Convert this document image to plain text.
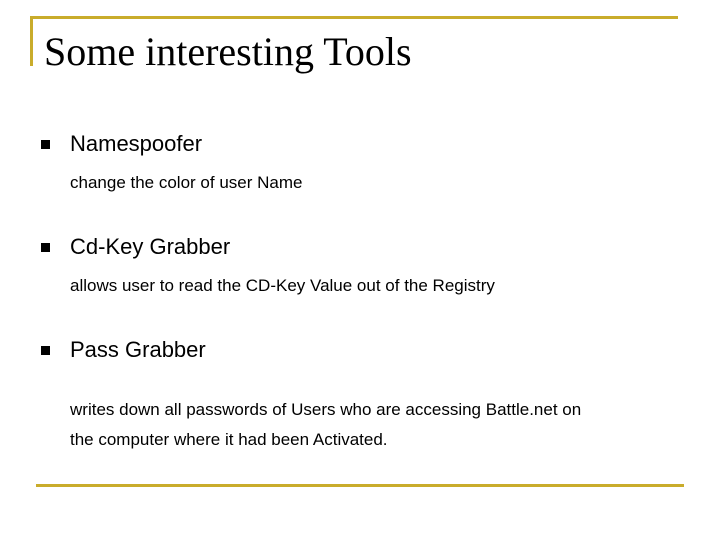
Some interesting Tools
Namespoofer
change the color of user Name
Cd-Key Grabber
allows user to read the CD-Key Value out of the Registry
Pass Grabber
writes down all passwords of Users who are accessing Battle.net on
the computer where it had been Activated.
